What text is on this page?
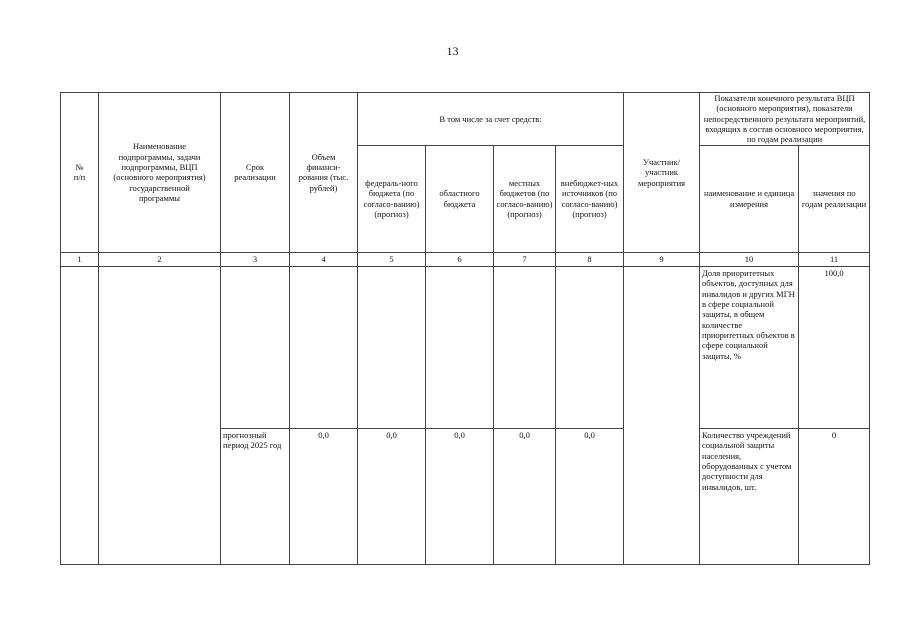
13
№
п/п	Наименование подпрограммы, задачи подпрограммы, ВЦП (основного мероприятия) государственной программы	Срок реализации	Объем финанси-рования (тыс. рублей)	В том числе за счет средств:				Участник/ участник мероприятия	Показатели конечного результата ВЦП (основного мероприятия), показатели непосредственного результата мероприятий, входящих в состав основного мероприятия, по годам реализации	
				федераль-ного бюджета (по согласо-ванию) (прогноз)	областного бюджета	местных бюджетов (по согласо-ванию) (прогноз)	внебюджет-ных источников (по согласо-ванию) (прогноз)		наименование и единица измерения	значения по годам реализации
1	2	3	4	5	6	7	8	9	10	11
									Доля приоритетных объектов, доступных для инвалидов и других МГН в сфере социальной защиты, в общем количестве приоритетных объектов в сфере социальной защиты, %	100,0
		прогнозный период 2025 год	0,0	0,0	0,0	0,0	0,0		Количество учреждений социальной защиты населения, оборудованных с учетом доступности для инвалидов, шт.	0
